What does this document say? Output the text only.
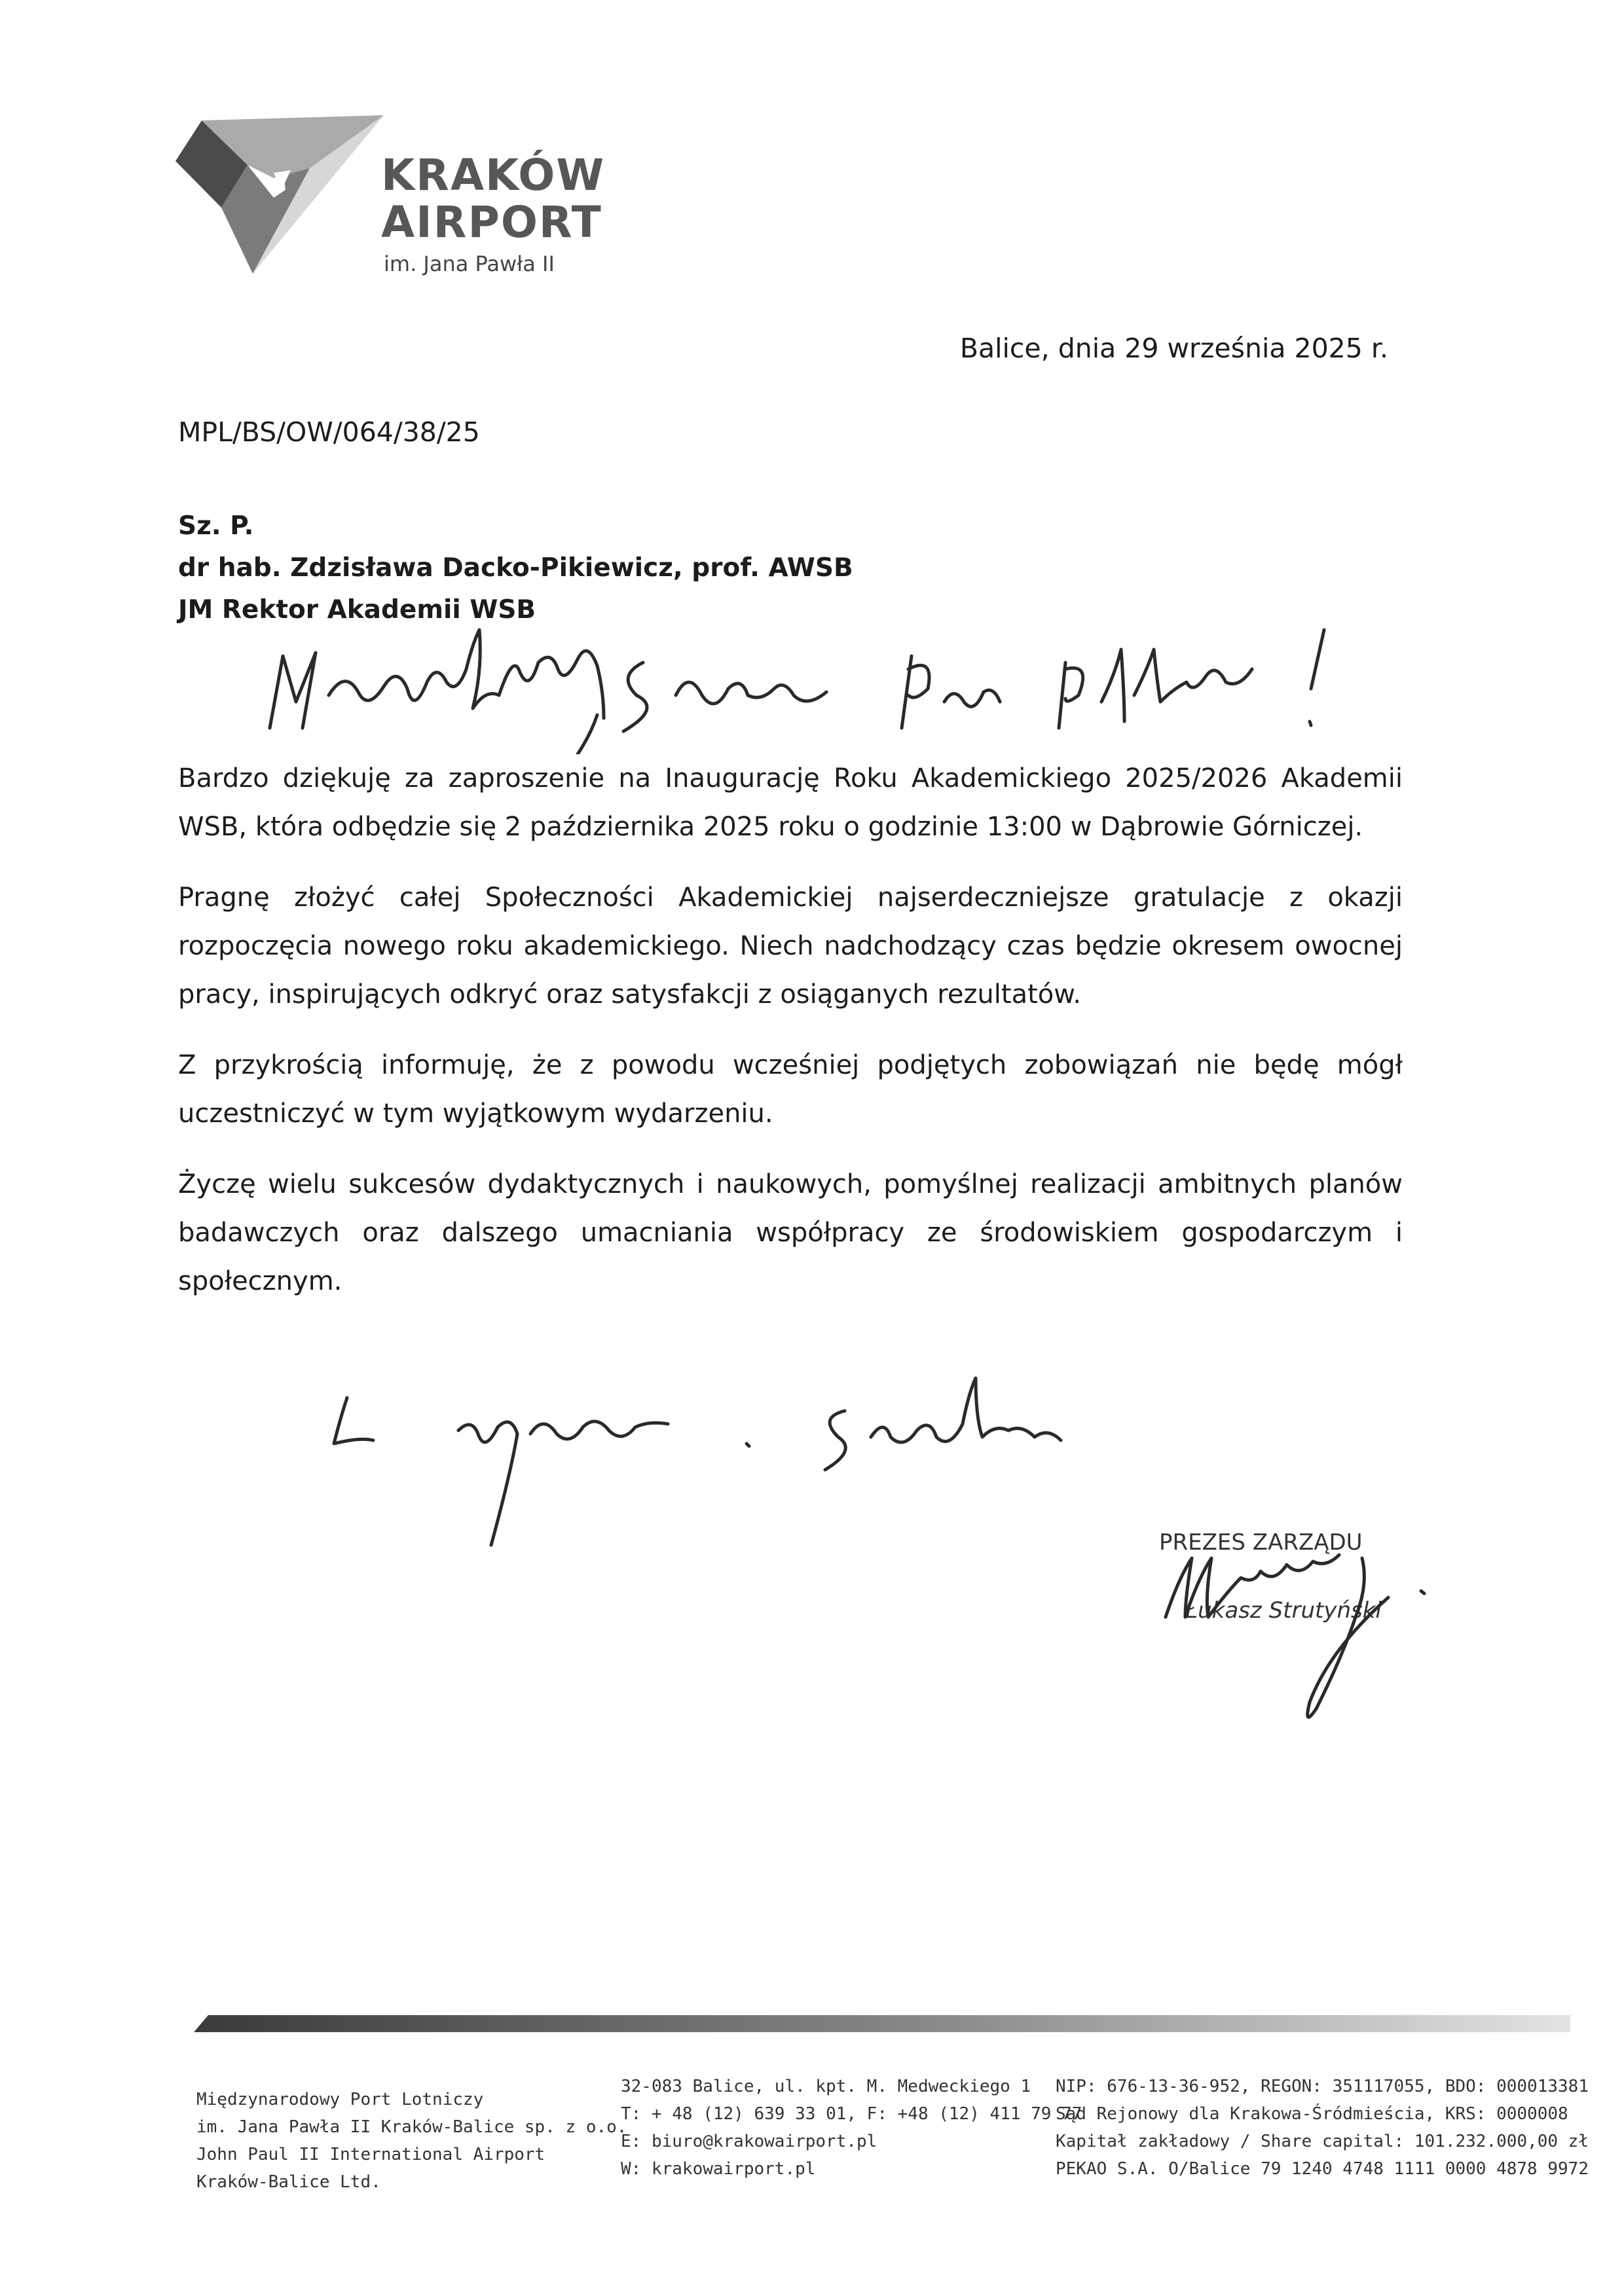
KRAKÓW
AIRPORT
im. Jana Pawła II
Balice, dnia 29 września 2025 r.
MPL/BS/OW/064/38/25
Sz. P.
dr hab. Zdzisława Dacko-Pikiewicz, prof. AWSB
JM Rektor Akademii WSB

Bardzo dziękuję za zaproszenie na Inaugurację Roku Akademickiego 2025/2026 Akademii WSB, która odbędzie się 2 października 2025 roku o godzinie 13:00 w Dąbrowie Górniczej.

Pragnę złożyć całej Społeczności Akademickiej najserdeczniejsze gratulacje z okazji rozpoczęcia nowego roku akademickiego. Niech nadchodzący czas będzie okresem owocnej pracy, inspirujących odkryć oraz satysfakcji z osiąganych rezultatów.

Z przykrością informuję, że z powodu wcześniej podjętych zobowiązań nie będę mógł uczestniczyć w tym wyjątkowym wydarzeniu.

Życzę wielu sukcesów dydaktycznych i naukowych, pomyślnej realizacji ambitnych planów badawczych oraz dalszego umacniania współpracy ze środowiskiem gospodarczym i społecznym.

PREZES ZARZĄDU
Łukasz Strutyński
Międzynarodowy Port Lotniczy
im. Jana Pawła II Kraków-Balice sp. z o.o.
John Paul II International Airport
Kraków-Balice Ltd.
32-083 Balice, ul. kpt. M. Medweckiego 1
T: + 48 (12) 639 33 01, F: +48 (12) 411 79 77
E: biuro@krakowairport.pl
W: krakowairport.pl
NIP: 676-13-36-952, REGON: 351117055, BDO: 000013381
Sąd Rejonowy dla Krakowa-Śródmieścia, KRS: 0000008
Kapitał zakładowy / Share capital: 101.232.000,00 zł
PEKAO S.A. O/Balice 79 1240 4748 1111 0000 4878 9972
